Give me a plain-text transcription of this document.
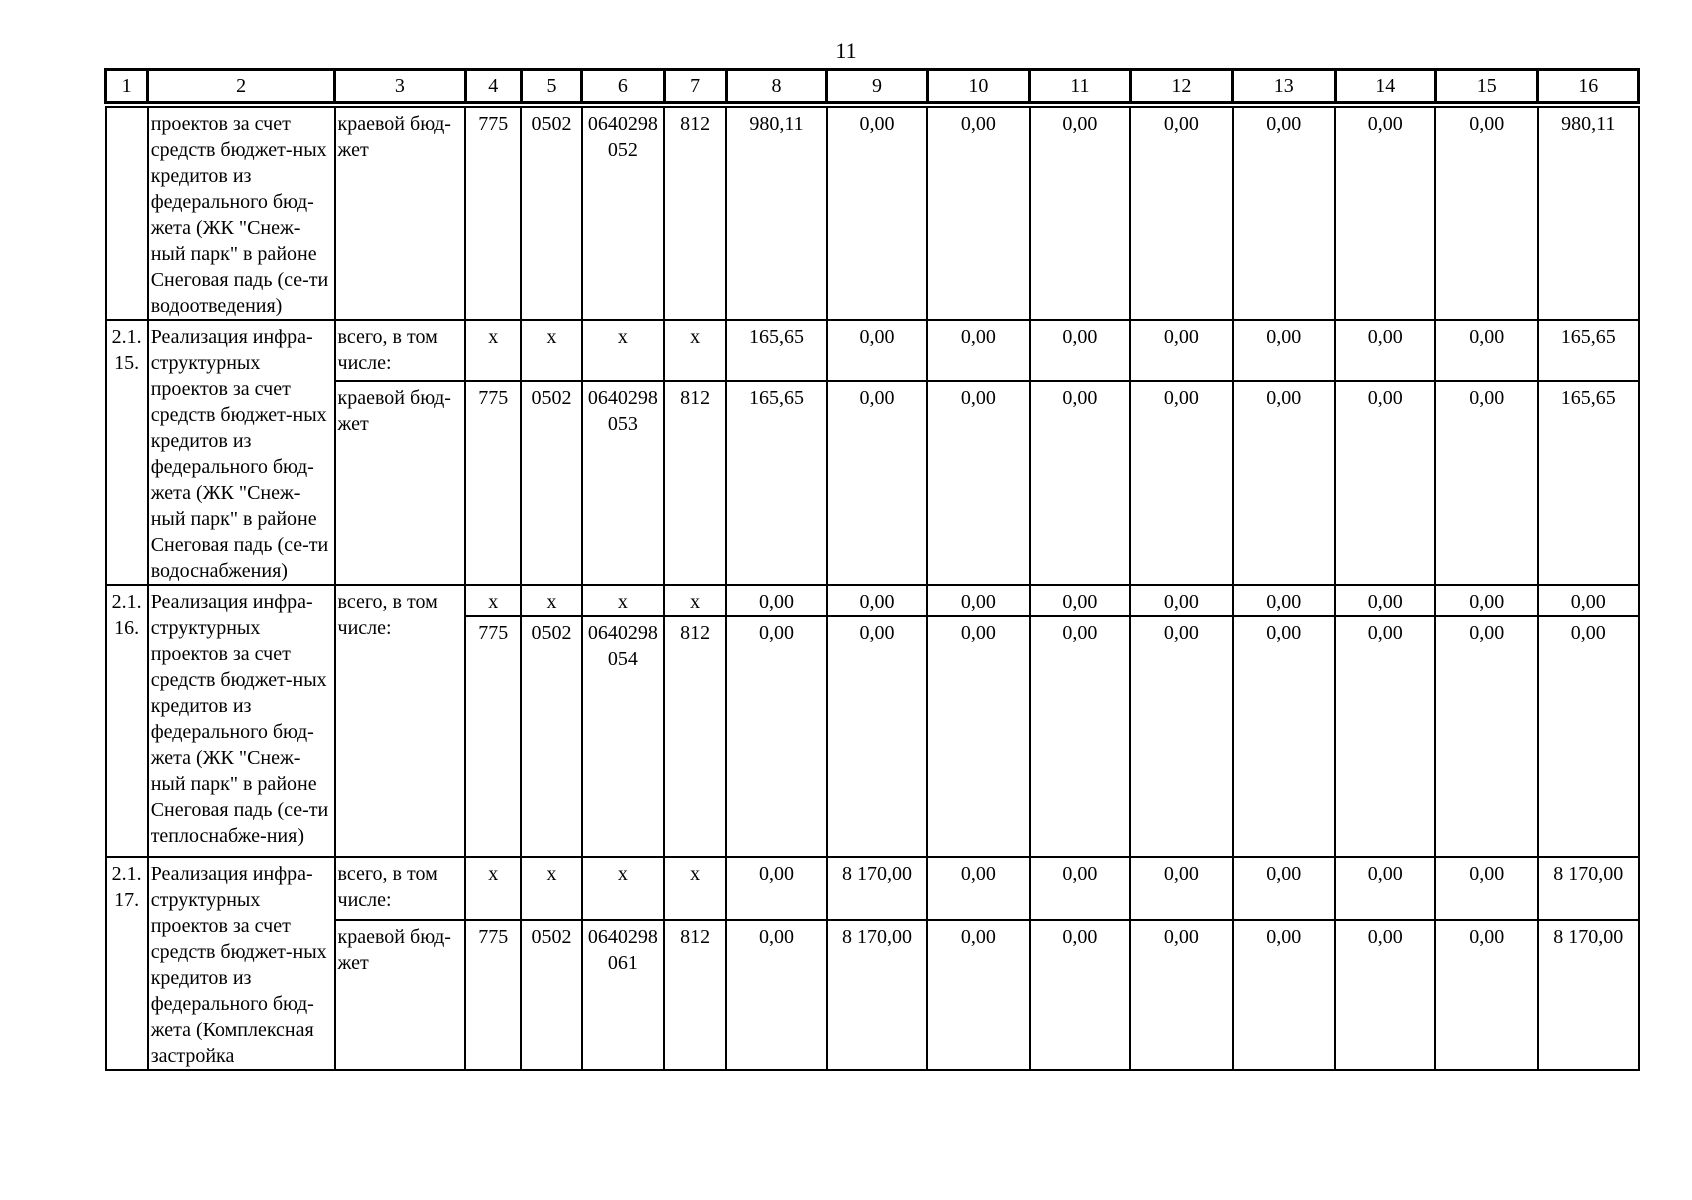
11
1	2	3	4	5	6	7	8	9	10	11	12	13	14	15	16

	проектов за счет средств бюджет-ных кредитов из федерального бюд-жета (ЖК "Снеж-ный парк" в районе Снеговая падь (се-ти водоотведения)	краевой бюд-жет	775	0502	0640298 052	812	980,11	0,00	0,00	0,00	0,00	0,00	0,00	0,00	980,11
2.1. 15.	Реализация инфра-структурных проектов за счет средств бюджет-ных кредитов из федерального бюд-жета (ЖК "Снеж-ный парк" в районе Снеговая падь (се-ти водоснабжения)	всего, в том числе:	х	х	х	х	165,65	0,00	0,00	0,00	0,00	0,00	0,00	0,00	165,65
		краевой бюд-жет	775	0502	0640298 053	812	165,65	0,00	0,00	0,00	0,00	0,00	0,00	0,00	165,65
2.1. 16.	Реализация инфра-структурных проектов за счет средств бюджет-ных кредитов из федерального бюд-жета (ЖК "Снеж-ный парк" в районе Снеговая падь (се-ти теплоснабже-ния)	всего, в том числе:	х	х	х	х	0,00	0,00	0,00	0,00	0,00	0,00	0,00	0,00	0,00
			775	0502	0640298 054	812	0,00	0,00	0,00	0,00	0,00	0,00	0,00	0,00	0,00
2.1. 17.	Реализация инфра-структурных проектов за счет средств бюджет-ных кредитов из федерального бюд-жета (Комплексная застройка	всего, в том числе:	х	х	х	х	0,00	8 170,00	0,00	0,00	0,00	0,00	0,00	0,00	8 170,00
		краевой бюд-жет	775	0502	0640298 061	812	0,00	8 170,00	0,00	0,00	0,00	0,00	0,00	0,00	8 170,00
